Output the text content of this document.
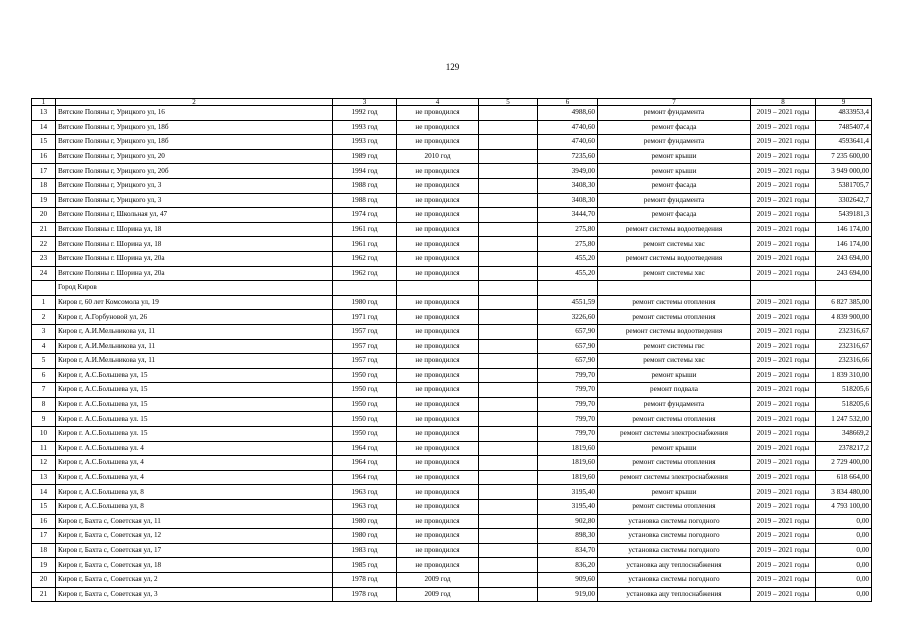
129
1	2	3	4	5	6	7	8	9
13	Вятские Поляны г, Урицкого ул, 16	1992 год	не проводился		4988,60	ремонт фундамента	2019 – 2021 годы	4833953,4
14	Вятские Поляны г, Урицкого ул, 18б	1993 год	не проводился		4740,60	ремонт фасада	2019 – 2021 годы	7485407,4
15	Вятские Поляны г, Урицкого ул, 18б	1993 год	не проводился		4740,60	ремонт фундамента	2019 – 2021 годы	4593641,4
16	Вятские Поляны г, Урицкого ул, 20	1989 год	2010 год		7235,60	ремонт крыши	2019 – 2021 годы	7 235 600,00
17	Вятские Поляны г, Урицкого ул, 20б	1994 год	не проводился		3949,00	ремонт крыши	2019 – 2021 годы	3 949 000,00
18	Вятские Поляны г, Урицкого ул, 3	1988 год	не проводился		3408,30	ремонт фасада	2019 – 2021 годы	5381705,7
19	Вятские Поляны г, Урицкого ул, 3	1988 год	не проводился		3408,30	ремонт фундамента	2019 – 2021 годы	3302642,7
20	Вятские Поляны г, Школьная ул, 47	1974 год	не проводился		3444,70	ремонт фасада	2019 – 2021 годы	5439181,3
21	Вятские Поляны г. Шорина ул, 18	1961 год	не проводился		275,80	ремонт системы водоотведения	2019 – 2021 годы	146 174,00
22	Вятские Поляны г. Шорина ул, 18	1961 год	не проводился		275,80	ремонт системы хвс	2019 – 2021 годы	146 174,00
23	Вятские Поляны г. Шорина ул, 20а	1962 год	не проводился		455,20	ремонт системы водоотведения	2019 – 2021 годы	243 694,00
24	Вятские Поляны г. Шорина ул, 20а	1962 год	не проводился		455,20	ремонт системы хвс	2019 – 2021 годы	243 694,00
	Город Киров							
1	Киров г, 60 лет Комсомола ул, 19	1980 год	не проводился		4551,59	ремонт системы отопления	2019 – 2021 годы	6 827 385,00
2	Киров г, А.Горбуновой ул, 26	1971 год	не проводился		3226,60	ремонт системы отопления	2019 – 2021 годы	4 839 900,00
3	Киров г, А.И.Мельникова ул, 11	1957 год	не проводился		657,90	ремонт системы водоотведения	2019 – 2021 годы	232316,67
4	Киров г, А.И.Мельникова ул, 11	1957 год	не проводился		657,90	ремонт системы гвс	2019 – 2021 годы	232316,67
5	Киров г, А.И.Мельникова ул, 11	1957 год	не проводился		657,90	ремонт системы хвс	2019 – 2021 годы	232316,66
6	Киров г, А.С.Большева ул, 15	1950 год	не проводился		799,70	ремонт крыши	2019 – 2021 годы	1 839 310,00
7	Киров г, А.С.Большева ул, 15	1950 год	не проводился		799,70	ремонт подвала	2019 – 2021 годы	518205,6
8	Киров г. А.С.Большева ул, 15	1950 год	не проводился		799,70	ремонт фундамента	2019 – 2021 годы	518205,6
9	Киров г. А.С.Большева ул. 15	1950 год	не проводился		799,70	ремонт системы отопления	2019 – 2021 годы	1 247 532,00
10	Киров г. А.С.Большева ул. 15	1950 год	не проводился		799,70	ремонт системы электроснабжения	2019 – 2021 годы	348669,2
11	Киров г. А.С.Большева ул. 4	1964 год	не проводился		1819,60	ремонт крыши	2019 – 2021 годы	2378217,2
12	Киров г, А.С.Большева ул, 4	1964 год	не проводился		1819,60	ремонт системы отопления	2019 – 2021 годы	2 729 400,00
13	Киров г, А.С.Большева ул, 4	1964 год	не проводился		1819,60	ремонт системы электроснабжения	2019 – 2021 годы	618 664,00
14	Киров г, А.С.Большева ул, 8	1963 год	не проводился		3195,40	ремонт крыши	2019 – 2021 годы	3 834 480,00
15	Киров г, А.С.Большева ул, 8	1963 год	не проводился		3195,40	ремонт системы отопления	2019 – 2021 годы	4 793 100,00
16	Киров г, Бахта с, Советская ул, 11	1980 год	не проводился		902,80	установка системы погодного	2019 – 2021 годы	0,00
17	Киров г, Бахта с, Советская ул, 12	1980 год	не проводился		898,30	установка системы погодного	2019 – 2021 годы	0,00
18	Киров г, Бахта с, Советская ул, 17	1983 год	не проводился		834,70	установка системы погодного	2019 – 2021 годы	0,00
19	Киров г, Бахта с, Советская ул, 18	1985 год	не проводился		836,20	установка ацу теплоснабжения	2019 – 2021 годы	0,00
20	Киров г, Бахта с, Советская ул, 2	1978 год	2009 год		909,60	установка системы погодного	2019 – 2021 годы	0,00
21	Киров г, Бахта с, Советская ул, 3	1978 год	2009 год		919,00	установка ацу теплоснабжения	2019 – 2021 годы	0,00
